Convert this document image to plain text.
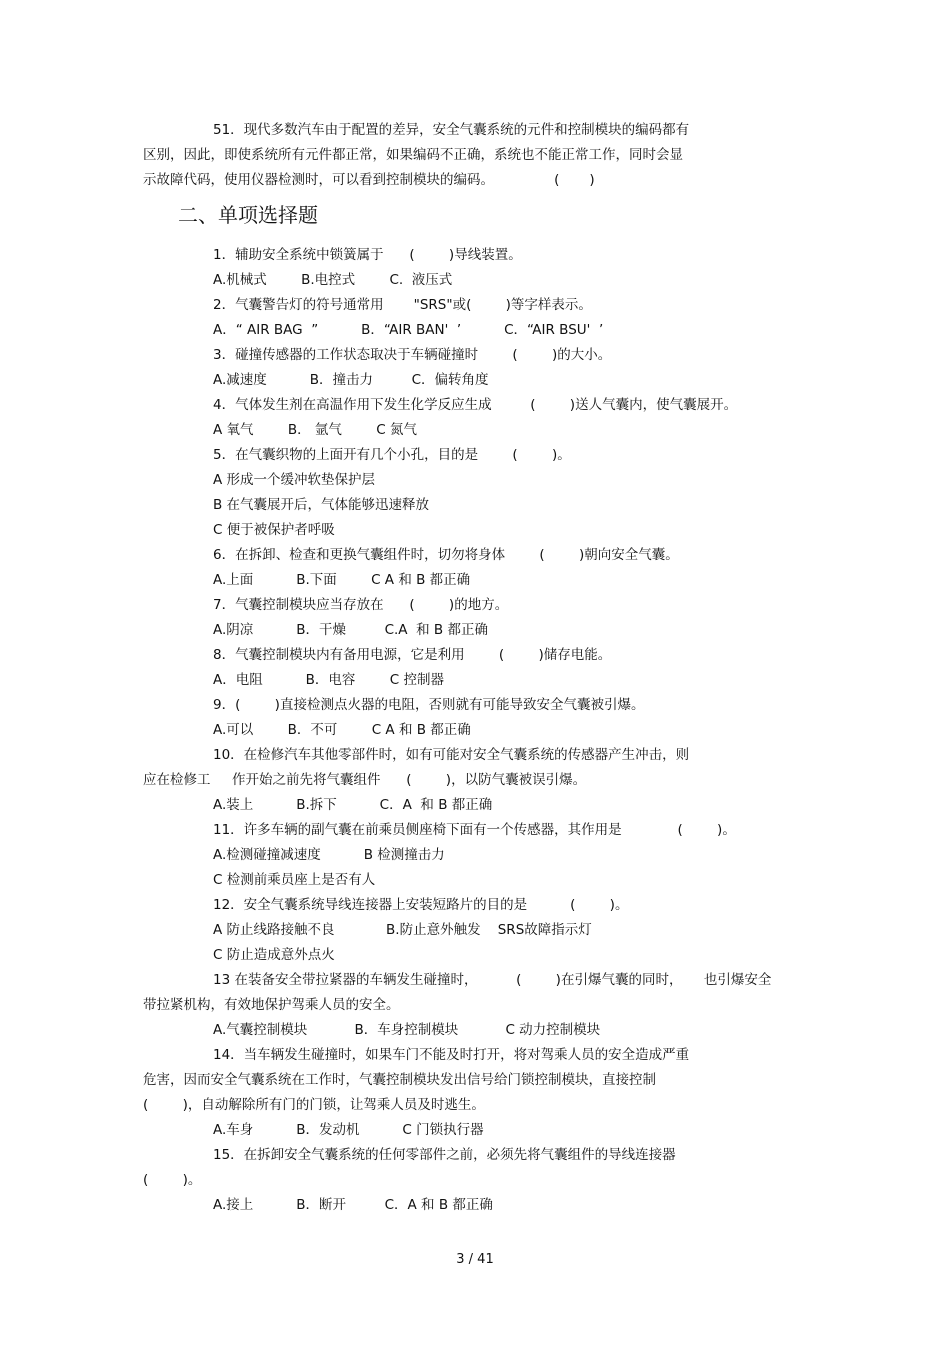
51．现代多数汽车由于配置的差异，安全气囊系统的元件和控制模块的编码都有
区别，因此，即使系统所有元件都正常，如果编码不正确，系统也不能正常工作，同时会显
示故障代码，使用仪器检测时，可以看到控制模块的编码。              (       )
二、单项选择题
1．辅助安全系统中锁簧属于      (        )导线装置。
A.机械式        B.电控式        C.  液压式
2．气囊警告灯的符号通常用       "SRS"或(        )等字样表示。
A．“ AIR BAG  ”          B．“AIR BAN'  ’          C．“AIR BSU'  ’
3．碰撞传感器的工作状态取决于车辆碰撞时        (        )的大小。
A.减速度          B．撞击力         C．偏转角度
4．气体发生剂在高温作用下发生化学反应生成         (        )送人气囊内，使气囊展开。
A 氧气        B． 氩气        C 氮气
5．在气囊织物的上面开有几个小孔，目的是        (        )。
A 形成一个缓冲软垫保护层
B 在气囊展开后，气体能够迅速释放
C 便于被保护者呼吸
6．在拆卸、检查和更换气囊组件时，切勿将身体        (        )朝向安全气囊。
A.上面          B.下面        C A 和 B 都正确
7．气囊控制模块应当存放在      (        )的地方。
A.阴凉          B．干燥         C.A  和 B 都正确
8．气囊控制模块内有备用电源，它是利用        (        )储存电能。
A．电阻          B．电容        C 控制器
9．(        )直接检测点火器的电阻，否则就有可能导致安全气囊被引爆。
A.可以        B．不可        C A 和 B 都正确
10．在检修汽车其他零部件时，如有可能对安全气囊系统的传感器产生冲击，则
应在检修工     作开始之前先将气囊组件      (        )，以防气囊被误引爆。
A.装上          B.拆下          C．A  和 B 都正确
11．许多车辆的副气囊在前乘员侧座椅下面有一个传感器，其作用是             (        )。
A.检测碰撞减速度          B 检测撞击力
C 检测前乘员座上是否有人
12．安全气囊系统导线连接器上安装短路片的目的是          (        )。
A 防止线路接触不良            B.防止意外触发    SRS故障指示灯
C 防止造成意外点火
13 在装备安全带拉紧器的车辆发生碰撞时，         (        )在引爆气囊的同时，     也引爆安全
带拉紧机构，有效地保护驾乘人员的安全。
A.气囊控制模块           B．车身控制模块           C 动力控制模块
14．当车辆发生碰撞时，如果车门不能及时打开，将对驾乘人员的安全造成严重
危害，因而安全气囊系统在工作时，气囊控制模块发出信号给门锁控制模块，直接控制
(        )，自动解除所有门的门锁，让驾乘人员及时逃生。
A.车身          B．发动机          C 门锁执行器
15．在拆卸安全气囊系统的任何零部件之前，必须先将气囊组件的导线连接器
(        )。
A.接上          B．断开         C．A 和 B 都正确
3 / 41
